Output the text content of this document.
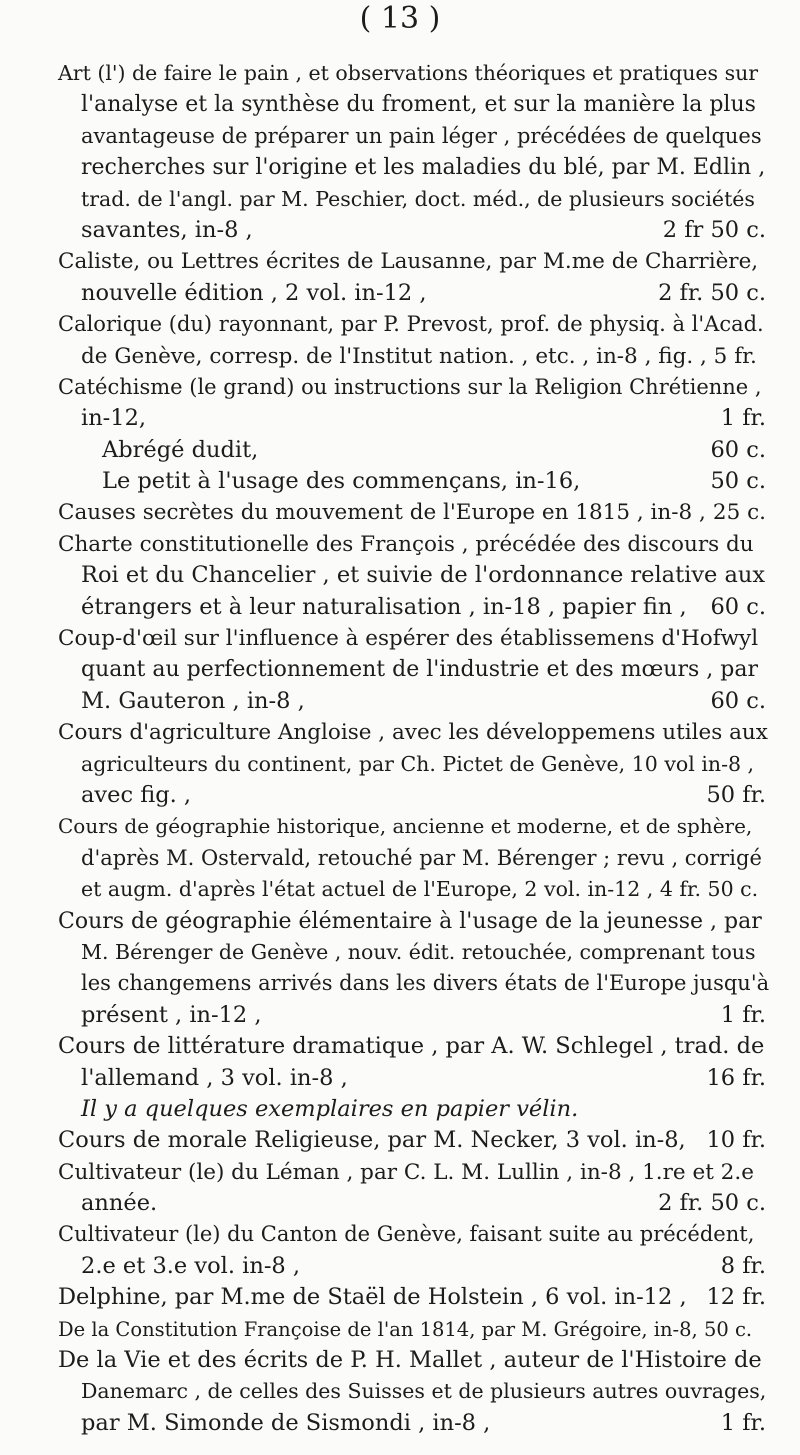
( 13 )
Art (l') de faire le pain , et observations théoriques et pratiques sur
l'analyse et la synthèse du froment, et sur la manière la plus
avantageuse de préparer un pain léger , précédées de quelques
recherches sur l'origine et les maladies du blé, par M. Edlin ,
trad. de l'angl. par M. Peschier, doct. méd., de plusieurs sociétés
savantes, in-8 ,	2 fr 50 c.
Caliste, ou Lettres écrites de Lausanne, par M.me de Charrière,
nouvelle édition , 2 vol. in-12 ,	2 fr. 50 c.
Calorique (du) rayonnant, par P. Prevost, prof. de physiq. à l'Acad.
de Genève, corresp. de l'Institut nation. , etc. , in-8 , fig. , 5 fr.
Catéchisme (le grand) ou instructions sur la Religion Chrétienne ,
in-12,	1 fr.
Abrégé dudit,	60 c.
Le petit à l'usage des commençans, in-16,	50 c.
Causes secrètes du mouvement de l'Europe en 1815 , in-8 , 25 c.
Charte constitutionelle des François , précédée des discours du
Roi et du Chancelier , et suivie de l'ordonnance relative aux
étrangers et à leur naturalisation , in-18 , papier fin , 60 c.
Coup-d'œil sur l'influence à espérer des établissemens d'Hofwyl
quant au perfectionnement de l'industrie et des mœurs , par
M. Gauteron , in-8 ,	60 c.
Cours d'agriculture Angloise , avec les développemens utiles aux
agriculteurs du continent, par Ch. Pictet de Genève, 10 vol in-8 ,
avec fig. ,	50 fr.
Cours de géographie historique, ancienne et moderne, et de sphère,
d'après M. Ostervald, retouché par M. Bérenger ; revu , corrigé
et augm. d'après l'état actuel de l'Europe, 2 vol. in-12 , 4 fr. 50 c.
Cours de géographie élémentaire à l'usage de la jeunesse , par
M. Bérenger de Genève , nouv. édit. retouchée, comprenant tous
les changemens arrivés dans les divers états de l'Europe jusqu'à
présent , in-12 ,	1 fr.
Cours de littérature dramatique , par A. W. Schlegel , trad. de
l'allemand , 3 vol. in-8 ,	16 fr.
Il y a quelques exemplaires en papier vélin.
Cours de morale Religieuse, par M. Necker, 3 vol. in-8, 10 fr.
Cultivateur (le) du Léman , par C. L. M. Lullin , in-8 , 1.re et 2.e
année.	2 fr. 50 c.
Cultivateur (le) du Canton de Genève, faisant suite au précédent,
2.e et 3.e vol. in-8 ,	8 fr.
Delphine, par M.me de Staël de Holstein , 6 vol. in-12 , 12 fr.
De la Constitution Françoise de l'an 1814, par M. Grégoire, in-8, 50 c.
De la Vie et des écrits de P. H. Mallet , auteur de l'Histoire de
Danemarc , de celles des Suisses et de plusieurs autres ouvrages,
par M. Simonde de Sismondi , in-8 ,	1 fr.
